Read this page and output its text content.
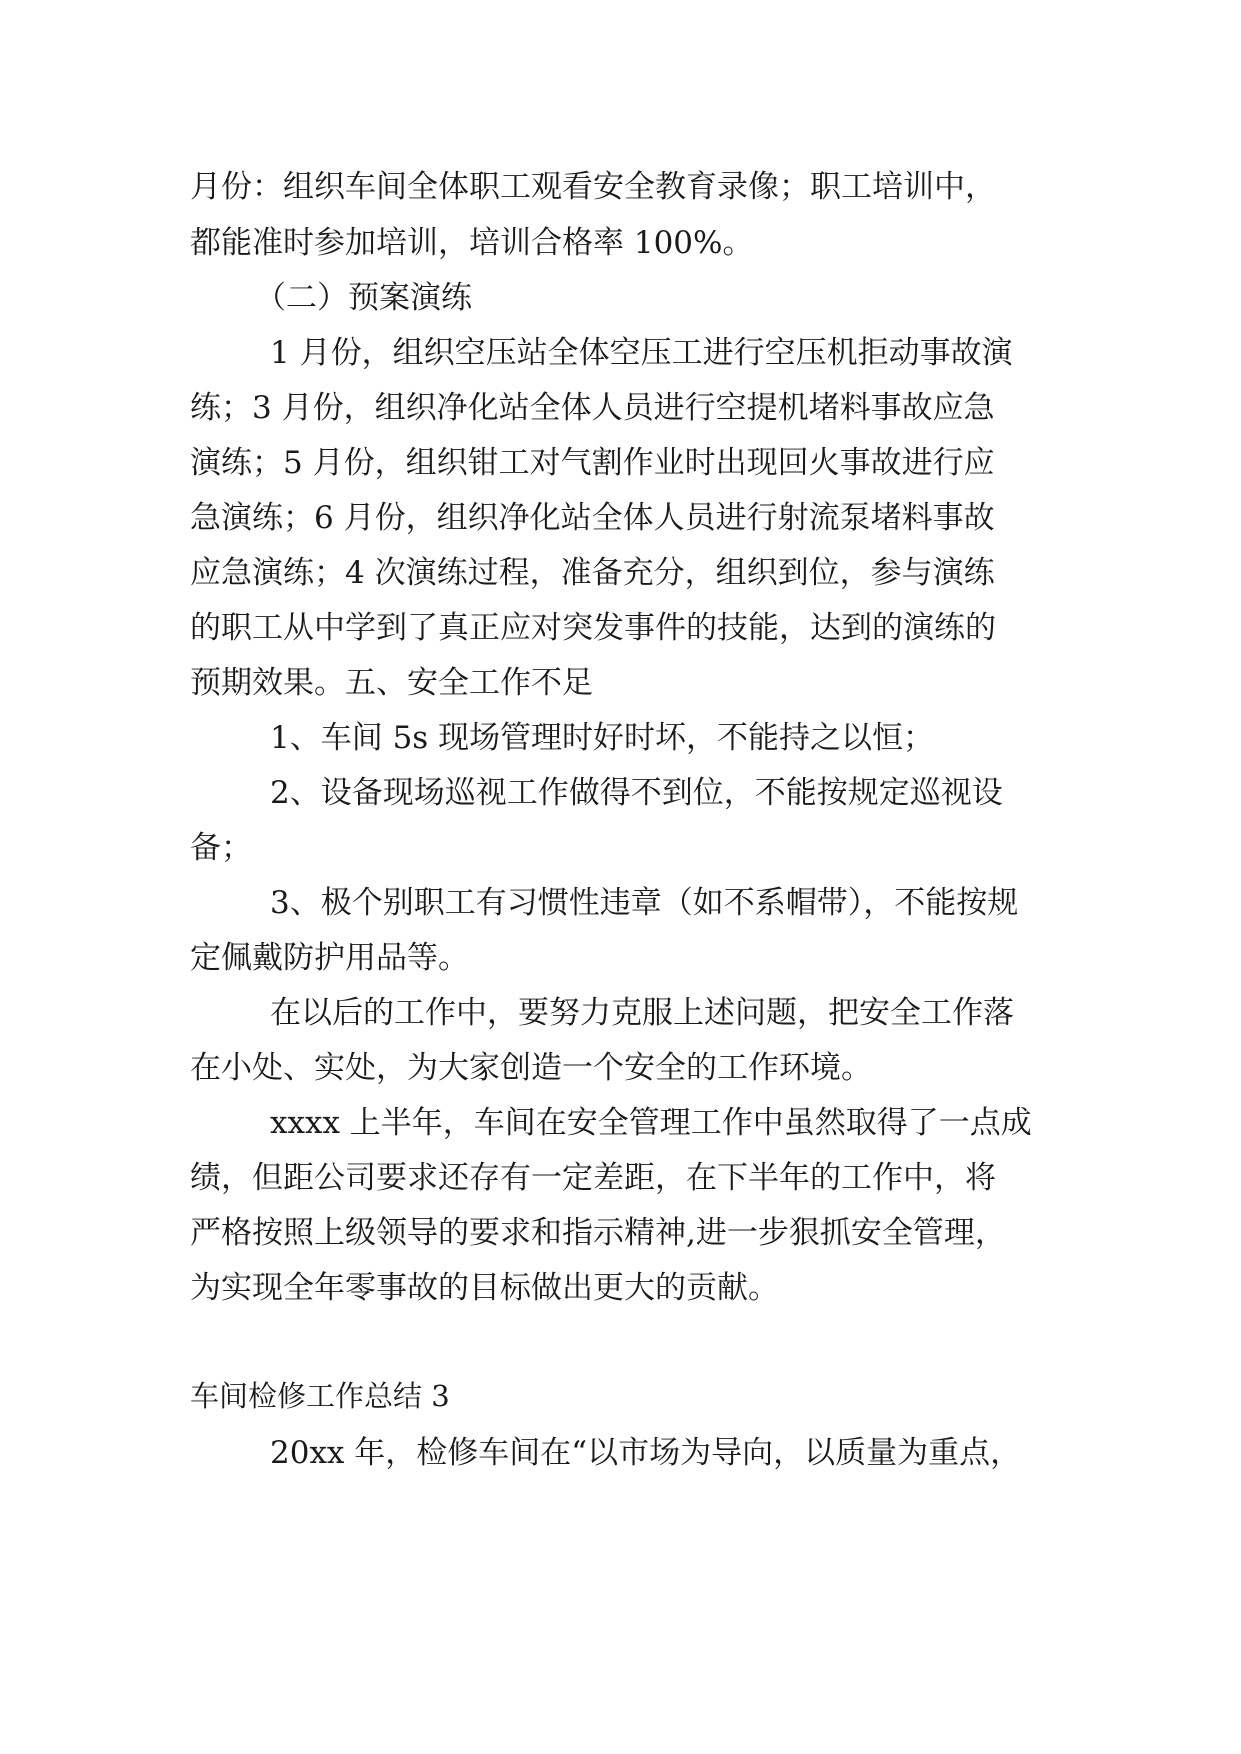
月份：组织车间全体职工观看安全教育录像；职工培训中，
都能准时参加培训，培训合格率 100%。
（二）预案演练
1 月份，组织空压站全体空压工进行空压机拒动事故演
练；3 月份，组织净化站全体人员进行空提机堵料事故应急
演练；5 月份，组织钳工对气割作业时出现回火事故进行应
急演练；6 月份，组织净化站全体人员进行射流泵堵料事故
应急演练；4 次演练过程，准备充分，组织到位，参与演练
的职工从中学到了真正应对突发事件的技能，达到的演练的
预期效果。五、安全工作不足
1、车间 5s 现场管理时好时坏，不能持之以恒；
2、设备现场巡视工作做得不到位，不能按规定巡视设
备；
3、极个别职工有习惯性违章（如不系帽带），不能按规
定佩戴防护用品等。
在以后的工作中，要努力克服上述问题，把安全工作落
在小处、实处，为大家创造一个安全的工作环境。
xxxx 上半年，车间在安全管理工作中虽然取得了一点成
绩，但距公司要求还存有一定差距，在下半年的工作中，将
严格按照上级领导的要求和指示精神,进一步狠抓安全管理，
为实现全年零事故的目标做出更大的贡献。
车间检修工作总结 3
20xx 年，检修车间在“以市场为导向，以质量为重点，
